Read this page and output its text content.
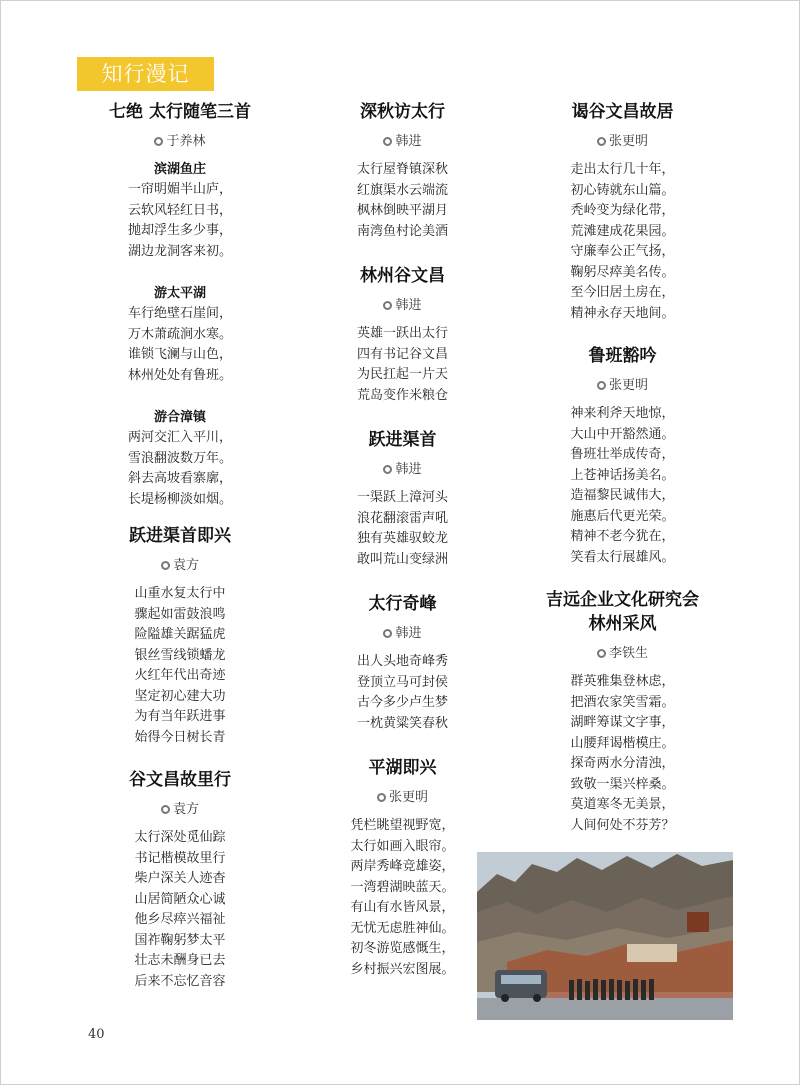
知行漫记
七绝 太行随笔三首
于养林
滨湖鱼庄
一帘明媚半山庐，
云软风轻红日书，
抛却浮生多少事，
湖边龙洞客来初。
游太平湖
车行绝壁石崖间，
万木萧疏涧水寒。
谁锁飞澜与山色，
林州处处有鲁班。
游合漳镇
两河交汇入平川，
雪浪翻波数万年。
斜去高坡看寨廓，
长堤杨柳淡如烟。
跃进渠首即兴
袁方
山重水复太行中
骤起如雷鼓浪鸣
险隘雄关踞猛虎
银丝雪线锁蟠龙
火红年代出奇迹
坚定初心建大功
为有当年跃进事
始得今日树长青
谷文昌故里行
袁方
太行深处觅仙踪
书记楷模故里行
柴户深关人迹杳
山居简陋众心诚
他乡尽瘁兴福祉
国祚鞠躬梦太平
壮志未酬身已去
后来不忘忆音容
深秋访太行
韩进
太行屋脊镇深秋
红旗渠水云端流
枫林倒映平湖月
南湾鱼村论美酒
林州谷文昌
韩进
英雄一跃出太行
四有书记谷文昌
为民扛起一片天
荒岛变作米粮仓
跃进渠首
韩进
一渠跃上漳河头
浪花翻滚雷声吼
独有英雄驭蛟龙
敢叫荒山变绿洲
太行奇峰
韩进
出人头地奇峰秀
登顶立马可封侯
古今多少卢生梦
一枕黄粱笑春秋
平湖即兴
张更明
凭栏眺望视野宽，
太行如画入眼帘。
两岸秀峰竞雄姿，
一湾碧湖映蓝天。
有山有水皆风景，
无忧无虑胜神仙。
初冬游览感慨生，
乡村振兴宏图展。
谒谷文昌故居
张更明
走出太行几十年，
初心铸就东山篇。
秃岭变为绿化带，
荒滩建成花果园。
守廉奉公正气扬，
鞠躬尽瘁美名传。
至今旧居土房在，
精神永存天地间。
鲁班豁吟
张更明
神来利斧天地惊，
大山中开豁然通。
鲁班壮举成传奇，
上苍神话扬美名。
造福黎民诚伟大，
施惠后代更光荣。
精神不老今犹在，
笑看太行展雄风。
吉远企业文化研究会
林州采风
李铁生
群英雅集登林虑，
把酒农家笑雪霜。
湖畔筹谋文字事，
山腰拜谒楷模庄。
探奇两水分清浊，
致敬一渠兴梓桑。
莫道寒冬无美景，
人间何处不芬芳？
40
